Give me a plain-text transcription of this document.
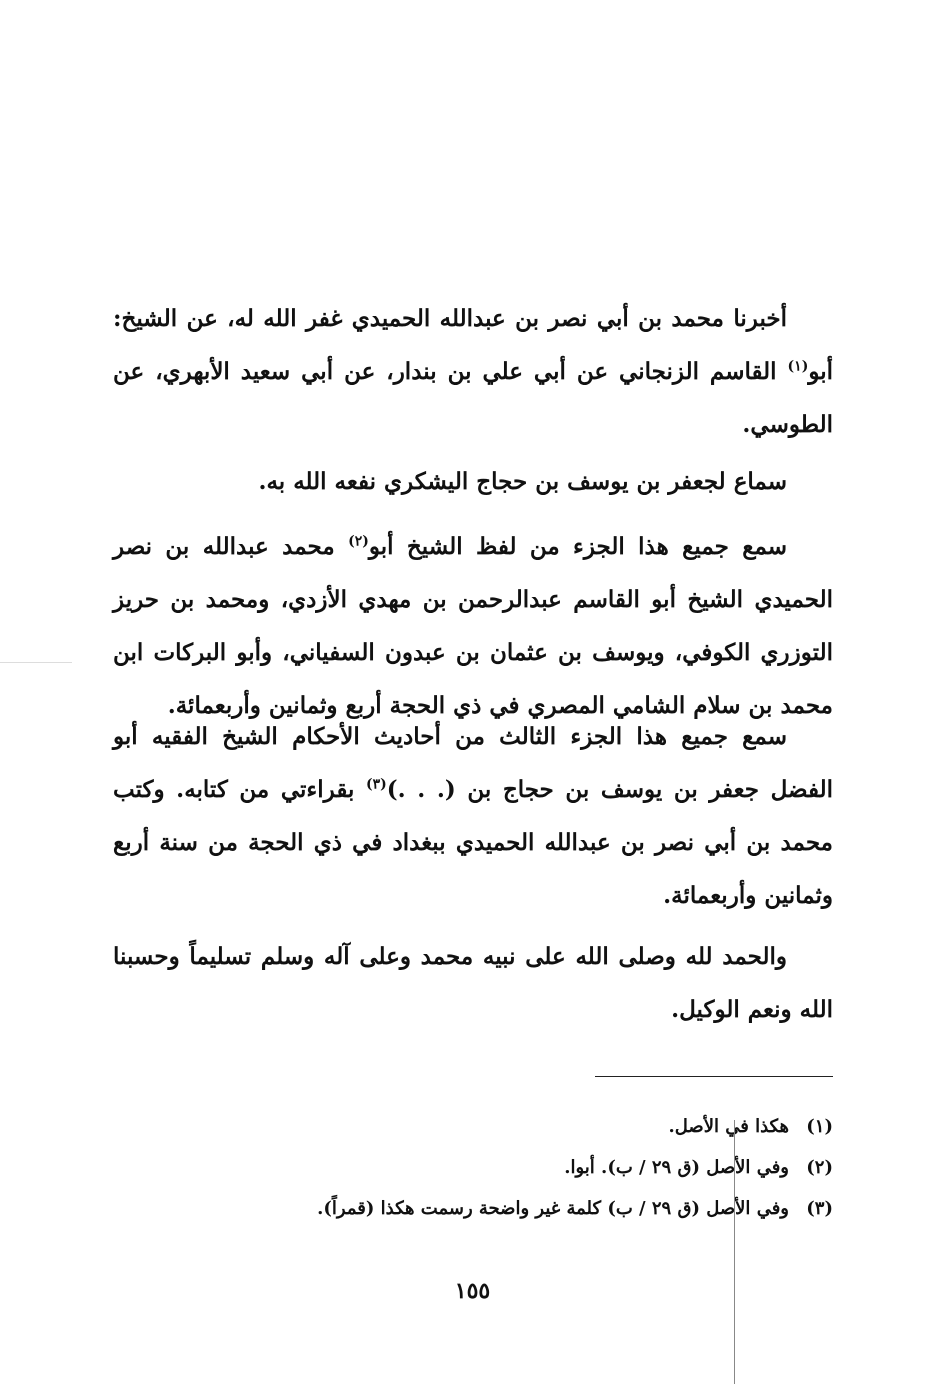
أخبرنا محمد بن أبي نصر بن عبدالله الحميدي غفر الله له، عن الشيخ: أبو$^{(١)}$ القاسم الزنجاني عن أبي علي بن بندار، عن أبي سعيد الأبهري، عن الطوسي.

سماع لجعفر بن يوسف بن حجاج اليشكري نفعه الله به.

سمع جميع هذا الجزء من لفظ الشيخ أبو$^{(٢)}$ محمد عبدالله بن نصر الحميدي الشيخ أبو القاسم عبدالرحمن بن مهدي الأزدي، ومحمد بن حريز التوزري الكوفي، ويوسف بن عثمان بن عبدون السفياني، وأبو البركات ابن محمد بن سلام الشامي المصري في ذي الحجة أربع وثمانين وأربعمائة.

سمع جميع هذا الجزء الثالث من أحاديث الأحكام الشيخ الفقيه أبو الفضل جعفر بن يوسف بن حجاج بن (. . .)$^{(٣)}$ بقراءتي من كتابه. وكتب محمد بن أبي نصر بن عبدالله الحميدي ببغداد في ذي الحجة من سنة أربع وثمانين وأربعمائة.

والحمد لله وصلى الله على نبيه محمد وعلى آله وسلم تسليماً وحسبنا الله ونعم الوكيل.

(١)
هكذا في الأصل.
(٢)
وفي الأصل (ق ٢٩ / ب). أبوا.
(٣)
وفي الأصل (ق ٢٩ / ب) كلمة غير واضحة رسمت هكذا (قمراً).
١٥٥
